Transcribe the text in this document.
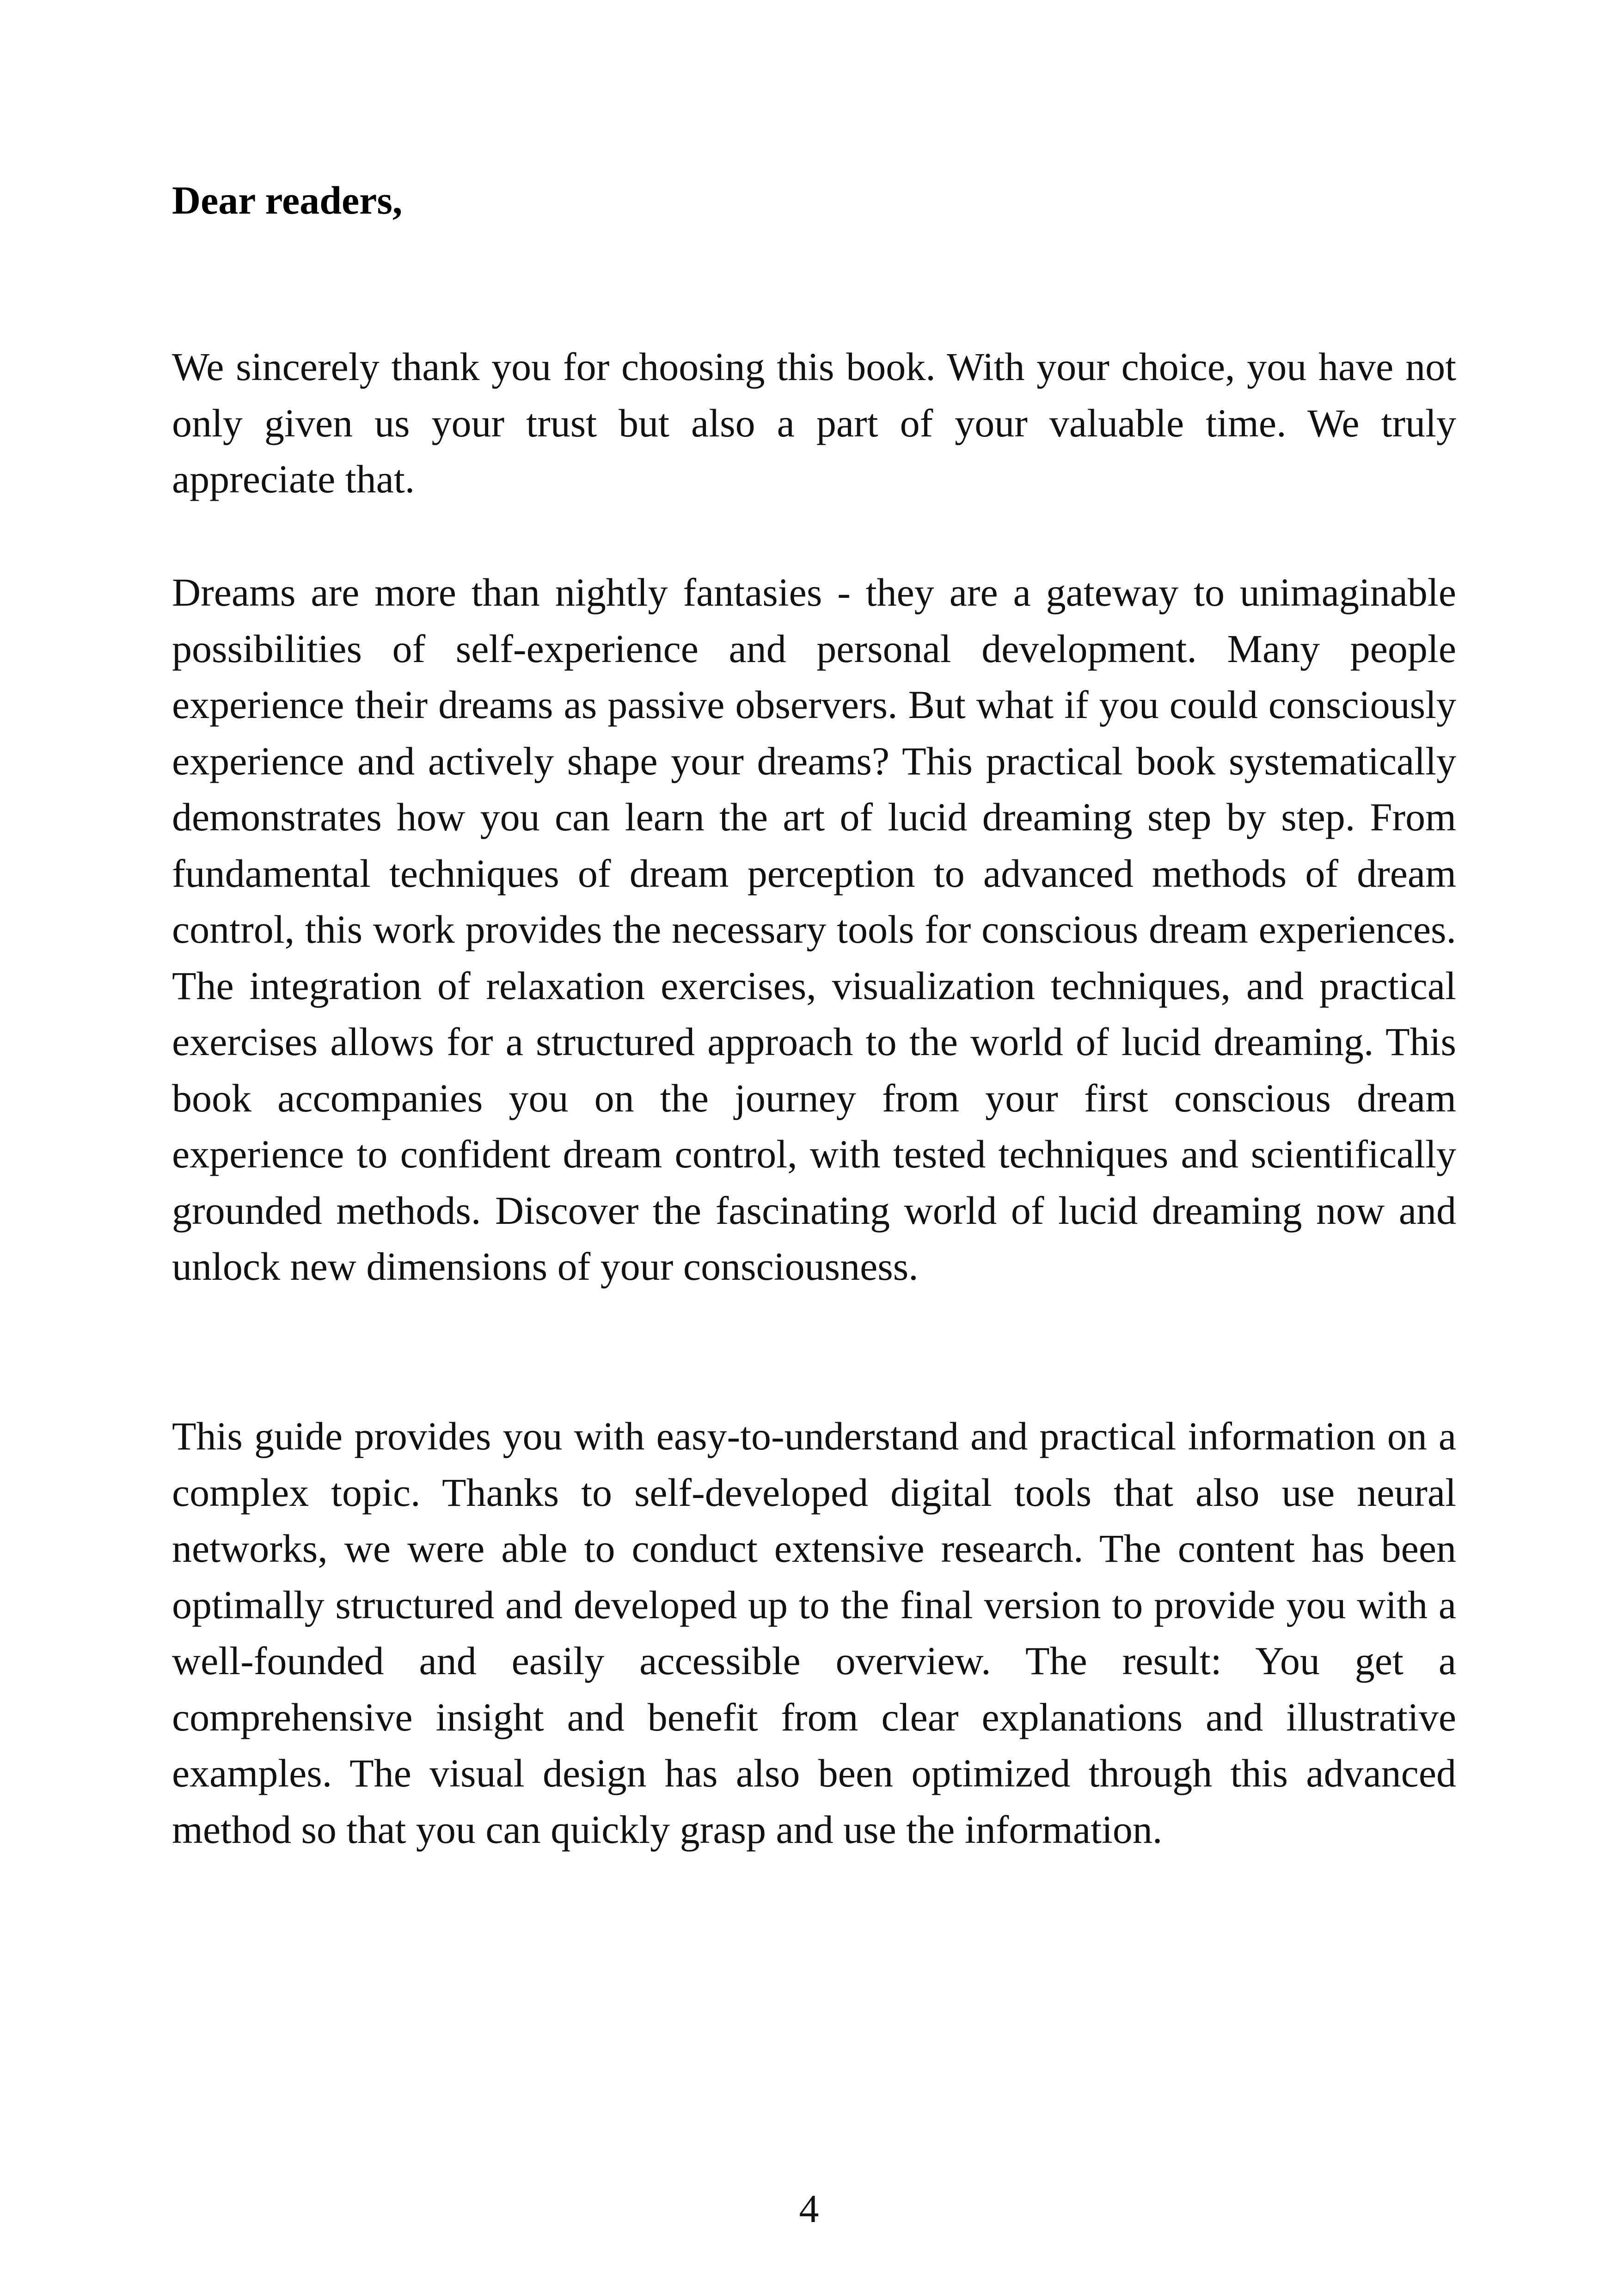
Dear readers,

We sincerely thank you for choosing this book. With your choice, you have not only given us your trust but also a part of your valuable time. We truly appreciate that.

Dreams are more than nightly fantasies - they are a gateway to unimaginable possibilities of self-experience and personal development. Many people experience their dreams as passive observers. But what if you could consciously experience and actively shape your dreams? This practical book systematically demonstrates how you can learn the art of lucid dreaming step by step. From fundamental techniques of dream perception to advanced methods of dream control, this work provides the necessary tools for conscious dream experiences. The integration of relaxation exercises, visualization techniques, and practical exercises allows for a structured approach to the world of lucid dreaming. This book accompanies you on the journey from your first conscious dream experience to confident dream control, with tested techniques and scientifically grounded methods. Discover the fascinating world of lucid dreaming now and unlock new dimensions of your consciousness.

This guide provides you with easy-to-understand and practical information on a complex topic. Thanks to self-developed digital tools that also use neural networks, we were able to conduct extensive research. The content has been optimally structured and developed up to the final version to provide you with a well-founded and easily accessible overview. The result: You get a comprehensive insight and benefit from clear explanations and illustrative examples. The visual design has also been optimized through this advanced method so that you can quickly grasp and use the information.

4
